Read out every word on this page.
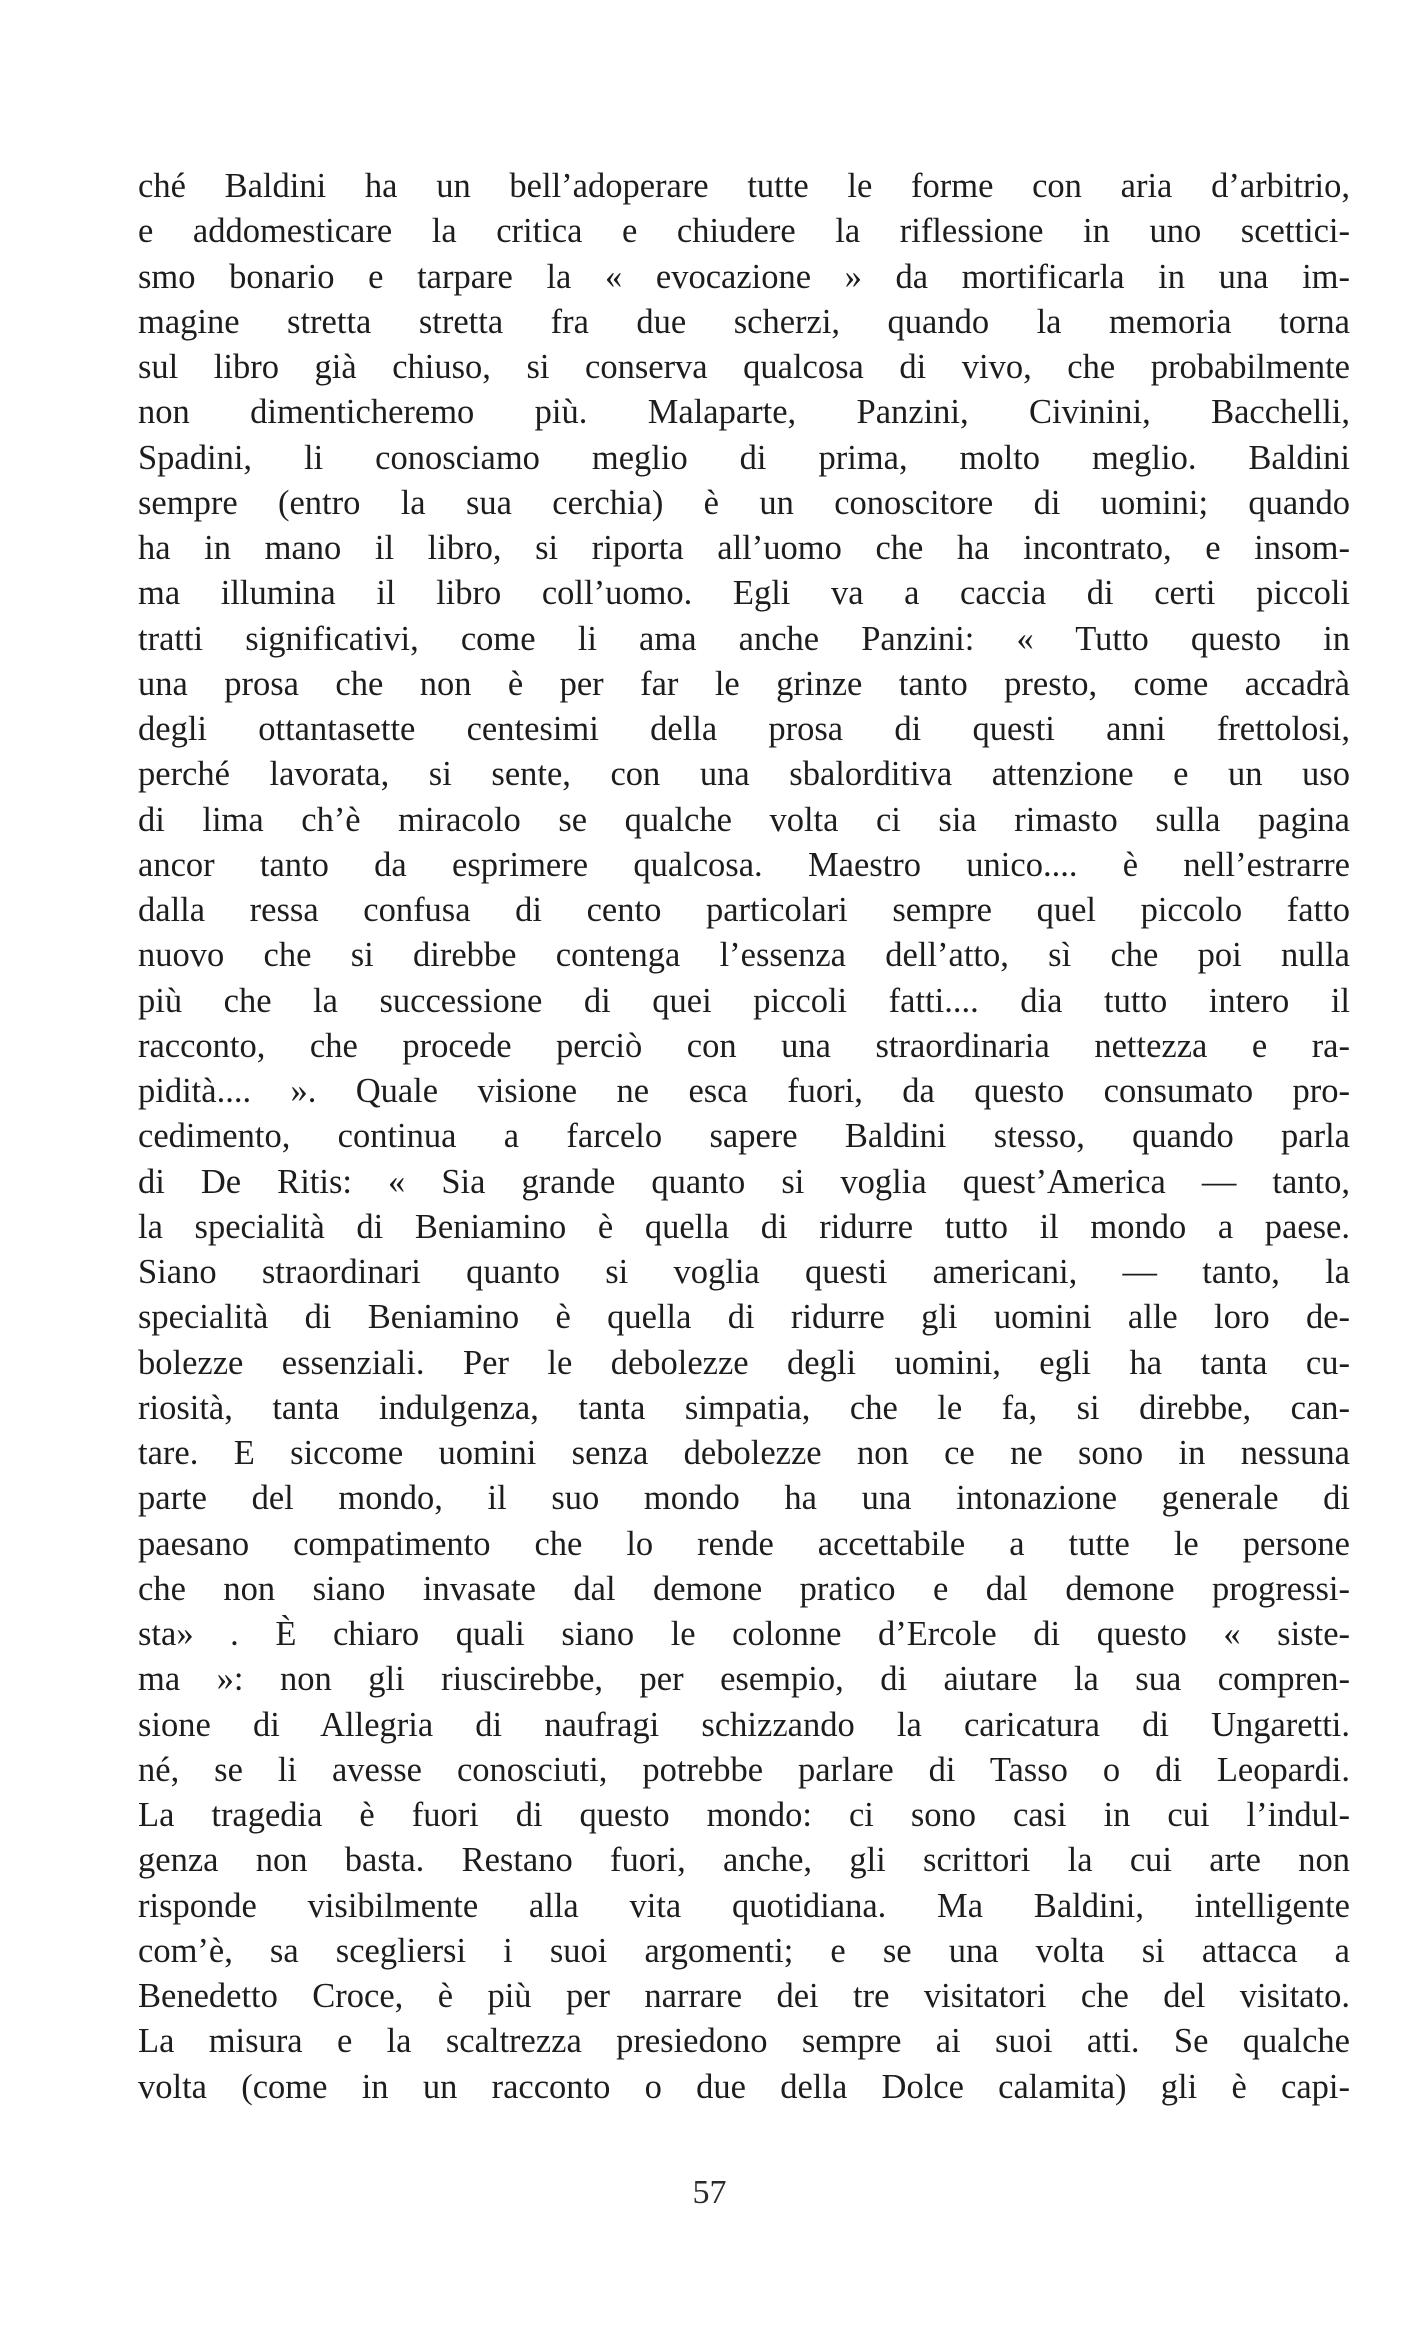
ché Baldini ha un bell’adoperare tutte le forme con aria d’arbitrio,
e addomesticare la critica e chiudere la riflessione in uno scettici-
smo bonario e tarpare la « evocazione » da mortificarla in una im-
magine stretta stretta fra due scherzi, quando la memoria torna
sul libro già chiuso, si conserva qualcosa di vivo, che probabilmente
non dimenticheremo più. Malaparte, Panzini, Civinini, Bacchelli,
Spadini, li conosciamo meglio di prima, molto meglio. Baldini
sempre (entro la sua cerchia) è un conoscitore di uomini; quando
ha in mano il libro, si riporta all’uomo che ha incontrato, e insom-
ma illumina il libro coll’uomo. Egli va a caccia di certi piccoli
tratti significativi, come li ama anche Panzini: « Tutto questo in
una prosa che non è per far le grinze tanto presto, come accadrà
degli ottantasette centesimi della prosa di questi anni frettolosi,
perché lavorata, si sente, con una sbalorditiva attenzione e un uso
di lima ch’è miracolo se qualche volta ci sia rimasto sulla pagina
ancor tanto da esprimere qualcosa. Maestro unico.... è nell’estrarre
dalla ressa confusa di cento particolari sempre quel piccolo fatto
nuovo che si direbbe contenga l’essenza dell’atto, sì che poi nulla
più che la successione di quei piccoli fatti.... dia tutto intero il
racconto, che procede perciò con una straordinaria nettezza e ra-
pidità.... ». Quale visione ne esca fuori, da questo consumato pro-
cedimento, continua a farcelo sapere Baldini stesso, quando parla
di De Ritis: « Sia grande quanto si voglia quest’America — tanto,
la specialità di Beniamino è quella di ridurre tutto il mondo a paese.
Siano straordinari quanto si voglia questi americani, — tanto, la
specialità di Beniamino è quella di ridurre gli uomini alle loro de-
bolezze essenziali. Per le debolezze degli uomini, egli ha tanta cu-
riosità, tanta indulgenza, tanta simpatia, che le fa, si direbbe, can-
tare. E siccome uomini senza debolezze non ce ne sono in nessuna
parte del mondo, il suo mondo ha una intonazione generale di
paesano compatimento che lo rende accettabile a tutte le persone
che non siano invasate dal demone pratico e dal demone progressi-
sta» . È chiaro quali siano le colonne d’Ercole di questo « siste-
ma »: non gli riuscirebbe, per esempio, di aiutare la sua compren-
sione di Allegria di naufragi schizzando la caricatura di Ungaretti.
né, se li avesse conosciuti, potrebbe parlare di Tasso o di Leopardi.
La tragedia è fuori di questo mondo: ci sono casi in cui l’indul-
genza non basta. Restano fuori, anche, gli scrittori la cui arte non
risponde visibilmente alla vita quotidiana. Ma Baldini, intelligente
com’è, sa scegliersi i suoi argomenti; e se una volta si attacca a
Benedetto Croce, è più per narrare dei tre visitatori che del visitato.
La misura e la scaltrezza presiedono sempre ai suoi atti. Se qualche
volta (come in un racconto o due della Dolce calamita) gli è capi-
57
